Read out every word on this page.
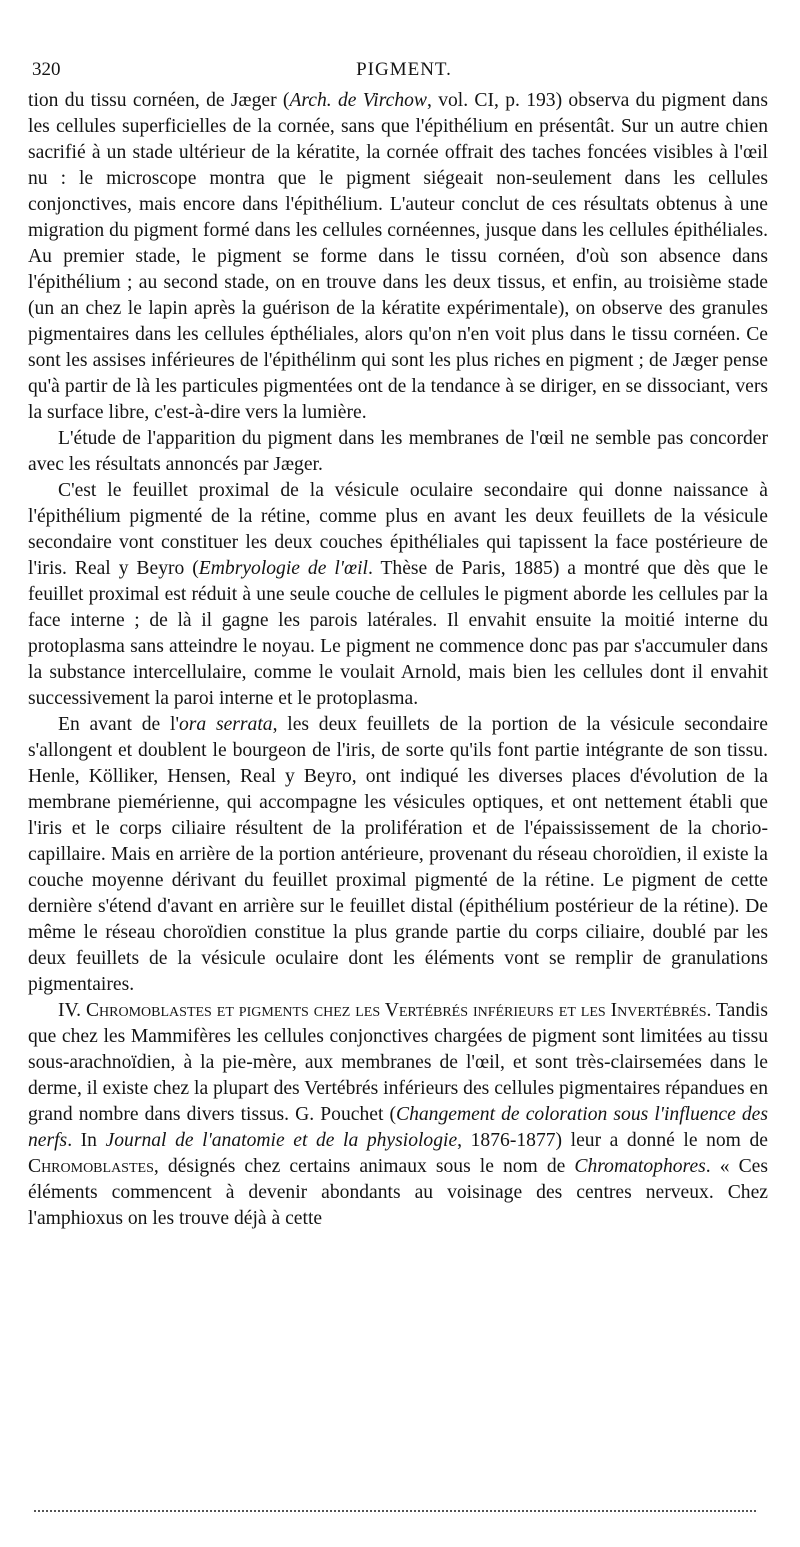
320	PIGMENT.

tion du tissu cornéen, de Jæger (Arch. de Virchow, vol. CI, p. 193) observa du pigment dans les cellules superficielles de la cornée, sans que l'épithélium en présentât. Sur un autre chien sacrifié à un stade ultérieur de la kératite, la cornée offrait des taches foncées visibles à l'œil nu : le microscope montra que le pigment siégeait non-seulement dans les cellules conjonctives, mais encore dans l'épithélium. L'auteur conclut de ces résultats obtenus à une migration du pigment formé dans les cellules cornéennes, jusque dans les cellules épithéliales. Au premier stade, le pigment se forme dans le tissu cornéen, d'où son absence dans l'épithélium ; au second stade, on en trouve dans les deux tissus, et enfin, au troisième stade (un an chez le lapin après la guérison de la kératite expérimentale), on observe des granules pigmentaires dans les cellules épthéliales, alors qu'on n'en voit plus dans le tissu cornéen. Ce sont les assises inférieures de l'épithélinm qui sont les plus riches en pigment ; de Jæger pense qu'à partir de là les particules pigmentées ont de la tendance à se diriger, en se dissociant, vers la surface libre, c'est-à-dire vers la lumière.

L'étude de l'apparition du pigment dans les membranes de l'œil ne semble pas concorder avec les résultats annoncés par Jæger.

C'est le feuillet proximal de la vésicule oculaire secondaire qui donne naissance à l'épithélium pigmenté de la rétine, comme plus en avant les deux feuillets de la vésicule secondaire vont constituer les deux couches épithéliales qui tapissent la face postérieure de l'iris. Real y Beyro (Embryologie de l'œil. Thèse de Paris, 1885) a montré que dès que le feuillet proximal est réduit à une seule couche de cellules le pigment aborde les cellules par la face interne ; de là il gagne les parois latérales. Il envahit ensuite la moitié interne du protoplasma sans atteindre le noyau. Le pigment ne commence donc pas par s'accumuler dans la substance intercellulaire, comme le voulait Arnold, mais bien les cellules dont il envahit successivement la paroi interne et le protoplasma.

En avant de l'ora serrata, les deux feuillets de la portion de la vésicule secondaire s'allongent et doublent le bourgeon de l'iris, de sorte qu'ils font partie intégrante de son tissu. Henle, Kölliker, Hensen, Real y Beyro, ont indiqué les diverses places d'évolution de la membrane piemérienne, qui accompagne les vésicules optiques, et ont nettement établi que l'iris et le corps ciliaire résultent de la prolifération et de l'épaississement de la chorio-capillaire. Mais en arrière de la portion antérieure, provenant du réseau choroïdien, il existe la couche moyenne dérivant du feuillet proximal pigmenté de la rétine. Le pigment de cette dernière s'étend d'avant en arrière sur le feuillet distal (épithélium postérieur de la rétine). De même le réseau choroïdien constitue la plus grande partie du corps ciliaire, doublé par les deux feuillets de la vésicule oculaire dont les éléments vont se remplir de granulations pigmentaires.

IV. Chromoblastes et pigments chez les Vertébrés inférieurs et les Invertébrés. Tandis que chez les Mammifères les cellules conjonctives chargées de pigment sont limitées au tissu sous-arachnoïdien, à la pie-mère, aux membranes de l'œil, et sont très-clairsemées dans le derme, il existe chez la plupart des Vertébrés inférieurs des cellules pigmentaires répandues en grand nombre dans divers tissus. G. Pouchet (Changement de coloration sous l'influence des nerfs. In Journal de l'anatomie et de la physiologie, 1876-1877) leur a donné le nom de Chromoblastes, désignés chez certains animaux sous le nom de Chromatophores. « Ces éléments commencent à devenir abondants au voisinage des centres nerveux. Chez l'amphioxus on les trouve déjà à cette
